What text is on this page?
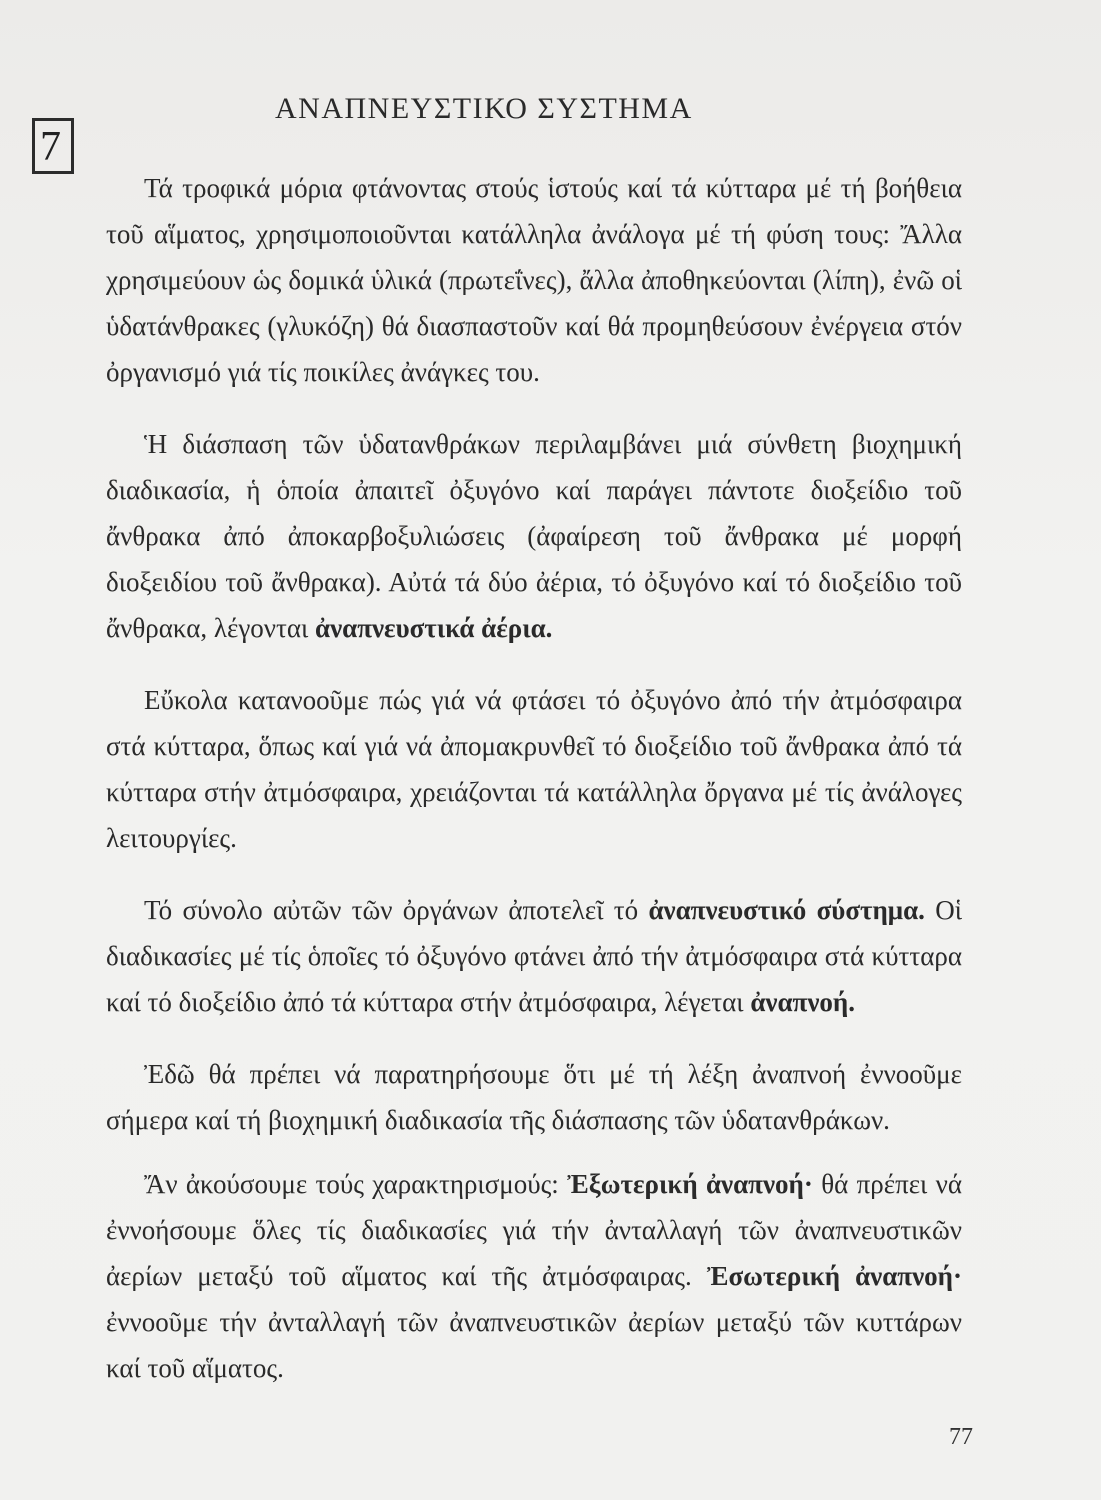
7
ΑΝΑΠΝΕΥΣΤΙΚΟ ΣΥΣΤΗΜΑ

Τά τροφικά μόρια φτάνοντας στούς ἱστούς καί τά κύτταρα μέ τή βοήθεια τοῦ αἵματος, χρησιμοποιοῦνται κατάλληλα ἀνάλογα μέ τή φύση τους: Ἄλλα χρησιμεύουν ὡς δομικά ὑλικά (πρωτεΐνες), ἄλλα ἀποθηκεύονται (λίπη), ἐνῶ οἱ ὑδατάνθρακες (γλυκόζη) θά διασπαστοῦν καί θά προμηθεύσουν ἐνέργεια στόν ὀργανισμό γιά τίς ποικίλες ἀνάγκες του.

Ἡ διάσπαση τῶν ὑδατανθράκων περιλαμβάνει μιά σύνθετη βιοχημική διαδικασία, ἡ ὁποία ἀπαιτεῖ ὀξυγόνο καί παράγει πάντοτε διοξείδιο τοῦ ἄνθρακα ἀπό ἀποκαρβοξυλιώσεις (ἀφαίρεση τοῦ ἄνθρακα μέ μορφή διοξειδίου τοῦ ἄνθρακα). Αὐτά τά δύο ἀέρια, τό ὀξυγόνο καί τό διοξείδιο τοῦ ἄνθρακα, λέγονται ἀναπνευστικά ἀέρια.

Εὔκολα κατανοοῦμε πώς γιά νά φτάσει τό ὀξυγόνο ἀπό τήν ἀτμόσφαιρα στά κύτταρα, ὅπως καί γιά νά ἀπομακρυνθεῖ τό διοξείδιο τοῦ ἄνθρακα ἀπό τά κύτταρα στήν ἀτμόσφαιρα, χρειάζονται τά κατάλληλα ὄργανα μέ τίς ἀνάλογες λειτουργίες.

Τό σύνολο αὐτῶν τῶν ὀργάνων ἀποτελεῖ τό ἀναπνευστικό σύστημα. Οἱ διαδικασίες μέ τίς ὁποῖες τό ὀξυγόνο φτάνει ἀπό τήν ἀτμόσφαιρα στά κύτταρα καί τό διοξείδιο ἀπό τά κύτταρα στήν ἀτμόσφαιρα, λέγεται ἀναπνοή.

Ἐδῶ θά πρέπει νά παρατηρήσουμε ὅτι μέ τή λέξη ἀναπνοή ἐννοοῦμε σήμερα καί τή βιοχημική διαδικασία τῆς διάσπασης τῶν ὑδατανθράκων.

Ἄν ἀκούσουμε τούς χαρακτηρισμούς: Ἐξωτερική ἀναπνοή· θά πρέπει νά ἐννοήσουμε ὅλες τίς διαδικασίες γιά τήν ἀνταλλαγή τῶν ἀναπνευστικῶν ἀερίων μεταξύ τοῦ αἵματος καί τῆς ἀτμόσφαιρας. Ἐσωτερική ἀναπνοή· ἐννοοῦμε τήν ἀνταλλαγή τῶν ἀναπνευστικῶν ἀερίων μεταξύ τῶν κυττάρων καί τοῦ αἵματος.

77
